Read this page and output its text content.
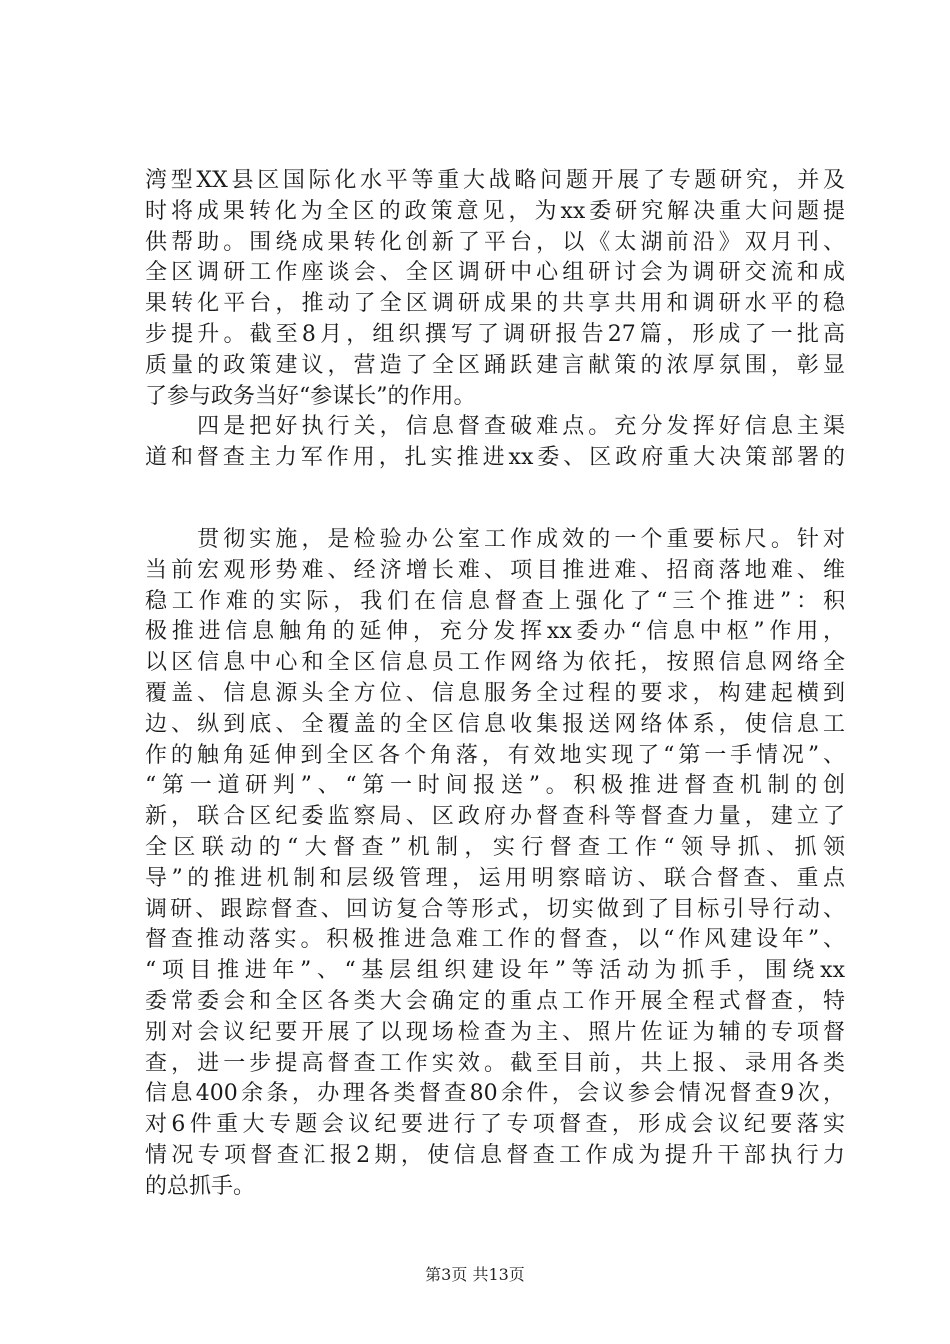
湾型XX县区国际化水平等重大战略问题开展了专题研究，并及
时将成果转化为全区的政策意见，为xx委研究解决重大问题提
供帮助。围绕成果转化创新了平台，以《太湖前沿》双月刊、
全区调研工作座谈会、全区调研中心组研讨会为调研交流和成
果转化平台，推动了全区调研成果的共享共用和调研水平的稳
步提升。截至8月，组织撰写了调研报告27篇，形成了一批高
质量的政策建议，营造了全区踊跃建言献策的浓厚氛围，彰显
了参与政务当好“参谋长”的作用。
　　四是把好执行关，信息督查破难点。充分发挥好信息主渠
道和督查主力军作用，扎实推进xx委、区政府重大决策部署的
　　贯彻实施，是检验办公室工作成效的一个重要标尺。针对
当前宏观形势难、经济增长难、项目推进难、招商落地难、维
稳工作难的实际，我们在信息督查上强化了“三个推进”：积
极推进信息触角的延伸，充分发挥xx委办“信息中枢”作用，
以区信息中心和全区信息员工作网络为依托，按照信息网络全
覆盖、信息源头全方位、信息服务全过程的要求，构建起横到
边、纵到底、全覆盖的全区信息收集报送网络体系，使信息工
作的触角延伸到全区各个角落，有效地实现了“第一手情况”、
“第一道研判”、“第一时间报送”。积极推进督查机制的创
新，联合区纪委监察局、区政府办督查科等督查力量，建立了
全区联动的“大督查”机制，实行督查工作“领导抓、抓领
导”的推进机制和层级管理，运用明察暗访、联合督查、重点
调研、跟踪督查、回访复合等形式，切实做到了目标引导行动、
督查推动落实。积极推进急难工作的督查，以“作风建设年”、
“项目推进年”、“基层组织建设年”等活动为抓手，围绕xx
委常委会和全区各类大会确定的重点工作开展全程式督查，特
别对会议纪要开展了以现场检查为主、照片佐证为辅的专项督
查，进一步提高督查工作实效。截至目前，共上报、录用各类
信息400余条，办理各类督查80余件，会议参会情况督查9次，
对6件重大专题会议纪要进行了专项督查，形成会议纪要落实
情况专项督查汇报2期，使信息督查工作成为提升干部执行力
的总抓手。
第3页 共13页
